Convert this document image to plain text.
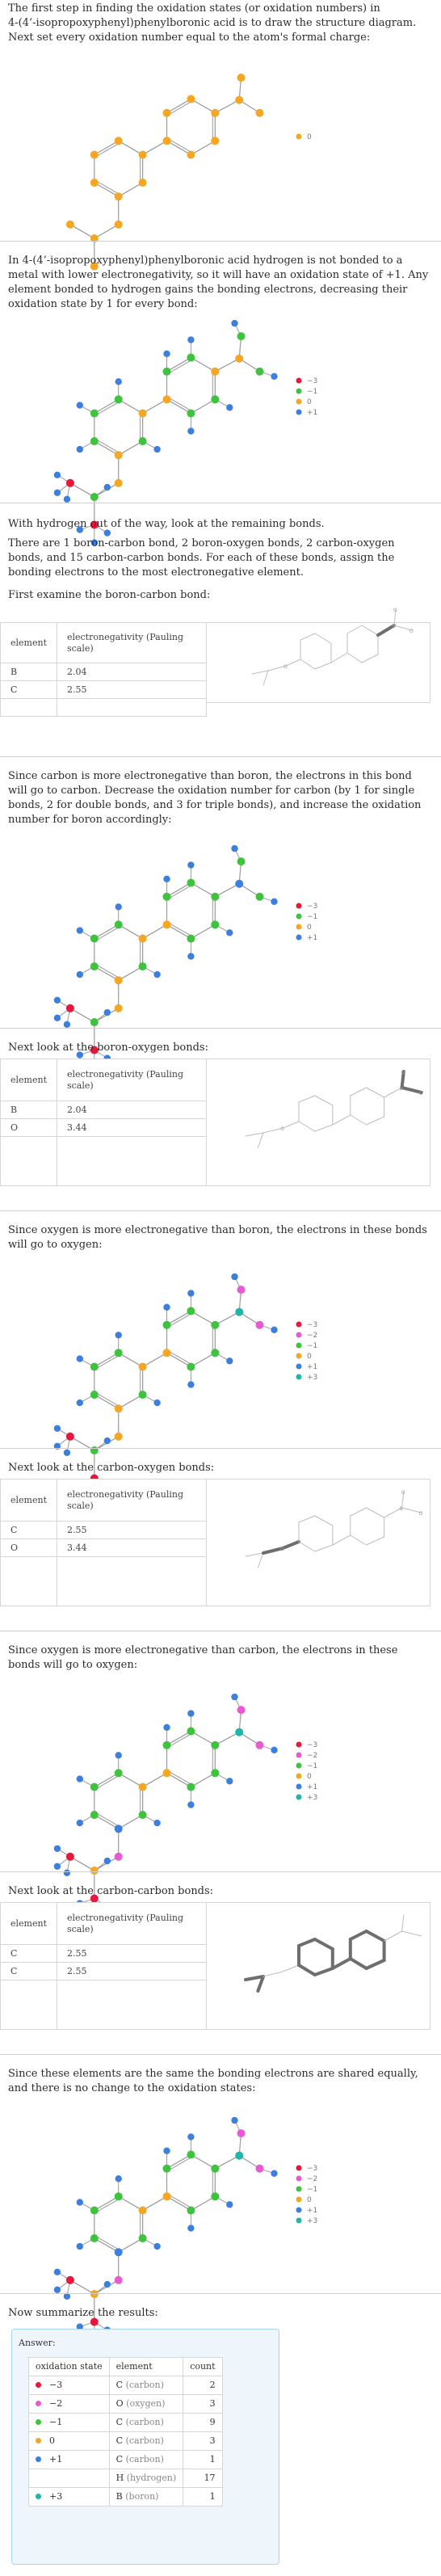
The first step in finding the oxidation states (or oxidation numbers) in 4‑(4’‑isopropoxyphenyl)phenylboronic acid is to draw the structure diagram. Next set every oxidation number equal to the atom's formal charge:

0

In 4‑(4’‑isopropoxyphenyl)phenylboronic acid hydrogen is not bonded to a metal with lower electronegativity, so it will have an oxidation state of +1. Any element bonded to hydrogen gains the bonding electrons, decreasing their oxidation state by 1 for every bond:

−3
−1
0
+1

With hydrogen out of the way, look at the remaining bonds.

There are 1 boron-carbon bond, 2 boron-oxygen bonds, 2 carbon-oxygen bonds, and 15 carbon-carbon bonds. For each of these bonds, assign the bonding electrons to the most electronegative element.

First examine the boron-carbon bond:

element	electronegativity (Pauling scale)
B	2.04
C	2.55

B
O
O
O

Since carbon is more electronegative than boron, the electrons in this bond will go to carbon. Decrease the oxidation number for carbon (by 1 for single bonds, 2 for double bonds, and 3 for triple bonds), and increase the oxidation number for boron accordingly:

−3
−1
0
+1

Next look at the boron-oxygen bonds:

element	electronegativity (Pauling scale)
B	2.04
O	3.44

B
O
O
O

Since oxygen is more electronegative than boron, the electrons in these bonds will go to oxygen:

−3
−2
−1
0
+1
+3

Next look at the carbon-oxygen bonds:

element	electronegativity (Pauling scale)
C	2.55
O	3.44

B
O
O
O

Since oxygen is more electronegative than carbon, the electrons in these bonds will go to oxygen:

−3
−2
−1
0
+1
+3

Next look at the carbon-carbon bonds:

element	electronegativity (Pauling scale)
C	2.55
C	2.55

Since these elements are the same the bonding electrons are shared equally, and there is no change to the oxidation states:

−3
−2
−1
0
+1
+3

Now summarize the results:

Answer:
oxidation state	element	count
−3	C (carbon)	2
−2	O (oxygen)	3
−1	C (carbon)	9
0	C (carbon)	3
+1	C (carbon)	1
	H (hydrogen)	17
+3	B (boron)	1
